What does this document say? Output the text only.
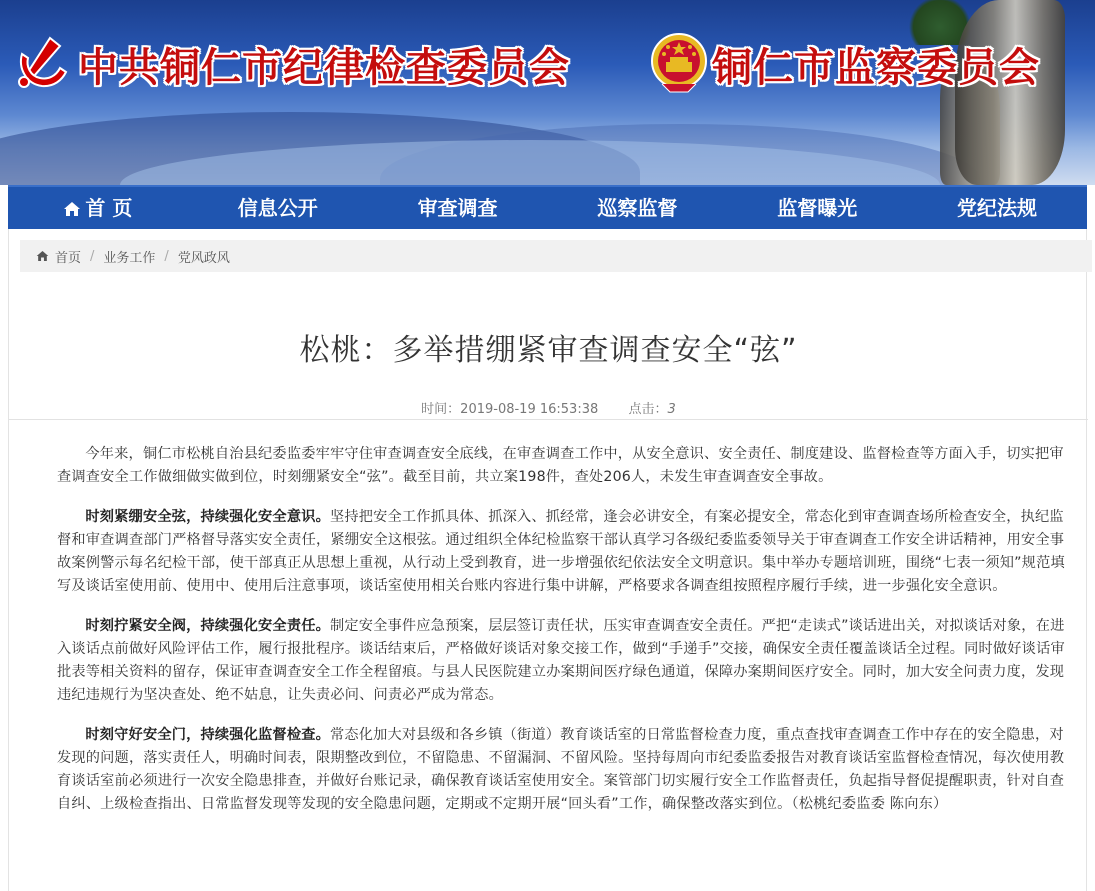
中共铜仁市纪律检查委员会	铜仁市监察委员会
首 页	信息公开	审查调查	巡察监督	监督曝光	党纪法规
首页 / 业务工作 / 党风政风
松桃：多举措绷紧审查调查安全“弦”
时间：2019-08-19 16:53:38 点击：3

今年来，铜仁市松桃自治县纪委监委牢牢守住审查调查安全底线，在审查调查工作中，从安全意识、安全责任、制度建设、监督检查等方面入手，切实把审查调查安全工作做细做实做到位，时刻绷紧安全“弦”。截至目前，共立案198件，查处206人，未发生审查调查安全事故。

时刻紧绷安全弦，持续强化安全意识。坚持把安全工作抓具体、抓深入、抓经常，逢会必讲安全，有案必提安全，常态化到审查调查场所检查安全，执纪监督和审查调查部门严格督导落实安全责任，紧绷安全这根弦。通过组织全体纪检监察干部认真学习各级纪委监委领导关于审查调查工作安全讲话精神，用安全事故案例警示每名纪检干部，使干部真正从思想上重视，从行动上受到教育，进一步增强依纪依法安全文明意识。集中举办专题培训班，围绕“七表一须知”规范填写及谈话室使用前、使用中、使用后注意事项，谈话室使用相关台账内容进行集中讲解，严格要求各调查组按照程序履行手续，进一步强化安全意识。

时刻拧紧安全阀，持续强化安全责任。制定安全事件应急预案，层层签订责任状，压实审查调查安全责任。严把“走读式”谈话进出关，对拟谈话对象，在进入谈话点前做好风险评估工作，履行报批程序。谈话结束后，严格做好谈话对象交接工作，做到“手递手”交接，确保安全责任覆盖谈话全过程。同时做好谈话审批表等相关资料的留存，保证审查调查安全工作全程留痕。与县人民医院建立办案期间医疗绿色通道，保障办案期间医疗安全。同时，加大安全问责力度，发现违纪违规行为坚决查处、绝不姑息，让失责必问、问责必严成为常态。

时刻守好安全门，持续强化监督检查。常态化加大对县级和各乡镇（街道）教育谈话室的日常监督检查力度，重点查找审查调查工作中存在的安全隐患，对发现的问题，落实责任人，明确时间表，限期整改到位，不留隐患、不留漏洞、不留风险。坚持每周向市纪委监委报告对教育谈话室监督检查情况，每次使用教育谈话室前必须进行一次安全隐患排查，并做好台账记录，确保教育谈话室使用安全。案管部门切实履行安全工作监督责任，负起指导督促提醒职责，针对自查自纠、上级检查指出、日常监督发现等发现的安全隐患问题，定期或不定期开展“回头看”工作，确保整改落实到位。（松桃纪委监委 陈向东）
